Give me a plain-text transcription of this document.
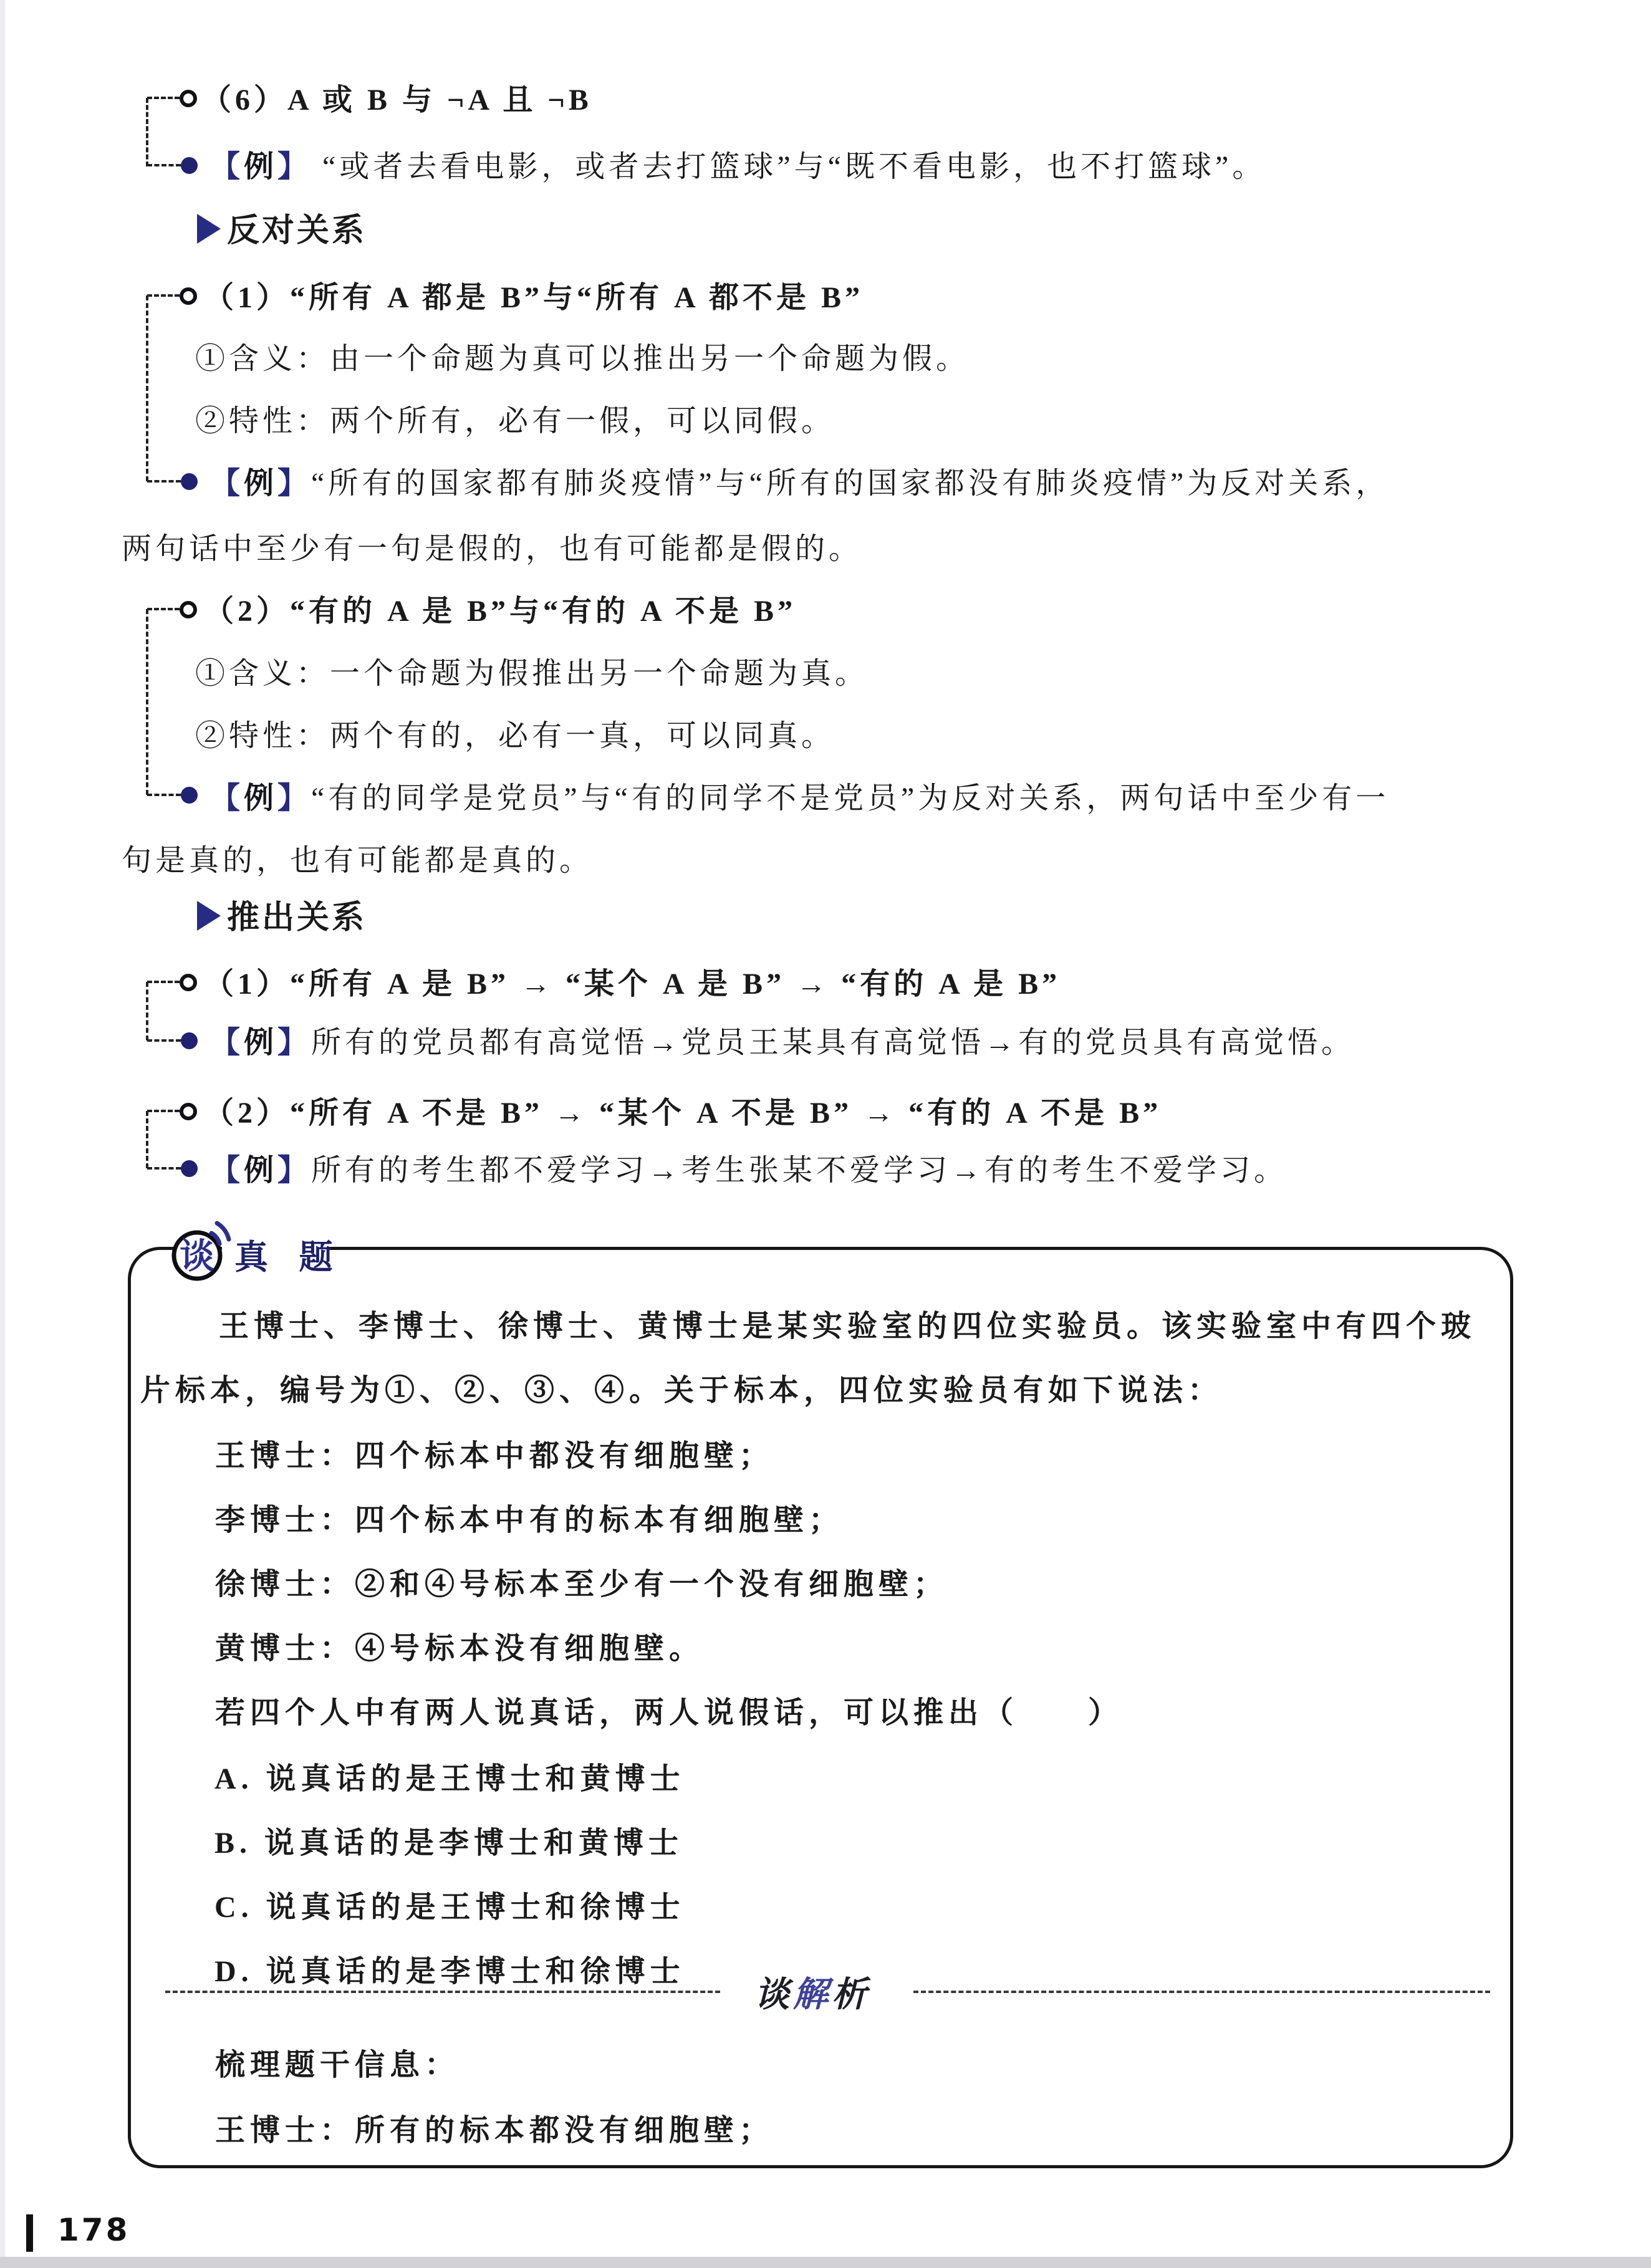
（6）A 或 B 与 ¬A 且 ¬B
【例】 “或者去看电影，或者去打篮球”与“既不看电影，也不打篮球”。
反对关系
（1）“所有 A 都是 B”与“所有 A 都不是 B”
①含义：由一个命题为真可以推出另一个命题为假。
②特性：两个所有，必有一假，可以同假。
【例】“所有的国家都有肺炎疫情”与“所有的国家都没有肺炎疫情”为反对关系，
两句话中至少有一句是假的，也有可能都是假的。
（2）“有的 A 是 B”与“有的 A 不是 B”
①含义：一个命题为假推出另一个命题为真。
②特性：两个有的，必有一真，可以同真。
【例】“有的同学是党员”与“有的同学不是党员”为反对关系，两句话中至少有一
句是真的，也有可能都是真的。
推出关系
（1）“所有 A 是 B” → “某个 A 是 B” → “有的 A 是 B”
【例】所有的党员都有高觉悟→党员王某具有高觉悟→有的党员具有高觉悟。
（2）“所有 A 不是 B” → “某个 A 不是 B” → “有的 A 不是 B”
【例】所有的考生都不爱学习→考生张某不爱学习→有的考生不爱学习。
谈 真 题
王博士、李博士、徐博士、黄博士是某实验室的四位实验员。该实验室中有四个玻
片标本，编号为①、②、③、④。关于标本，四位实验员有如下说法：
王博士：四个标本中都没有细胞壁；
李博士：四个标本中有的标本有细胞壁；
徐博士：②和④号标本至少有一个没有细胞壁；
黄博士：④号标本没有细胞壁。
若四个人中有两人说真话，两人说假话，可以推出（　　）
A. 说真话的是王博士和黄博士
B. 说真话的是李博士和黄博士
C. 说真话的是王博士和徐博士
D. 说真话的是李博士和徐博士
谈解析
梳理题干信息：
王博士：所有的标本都没有细胞壁；
178
